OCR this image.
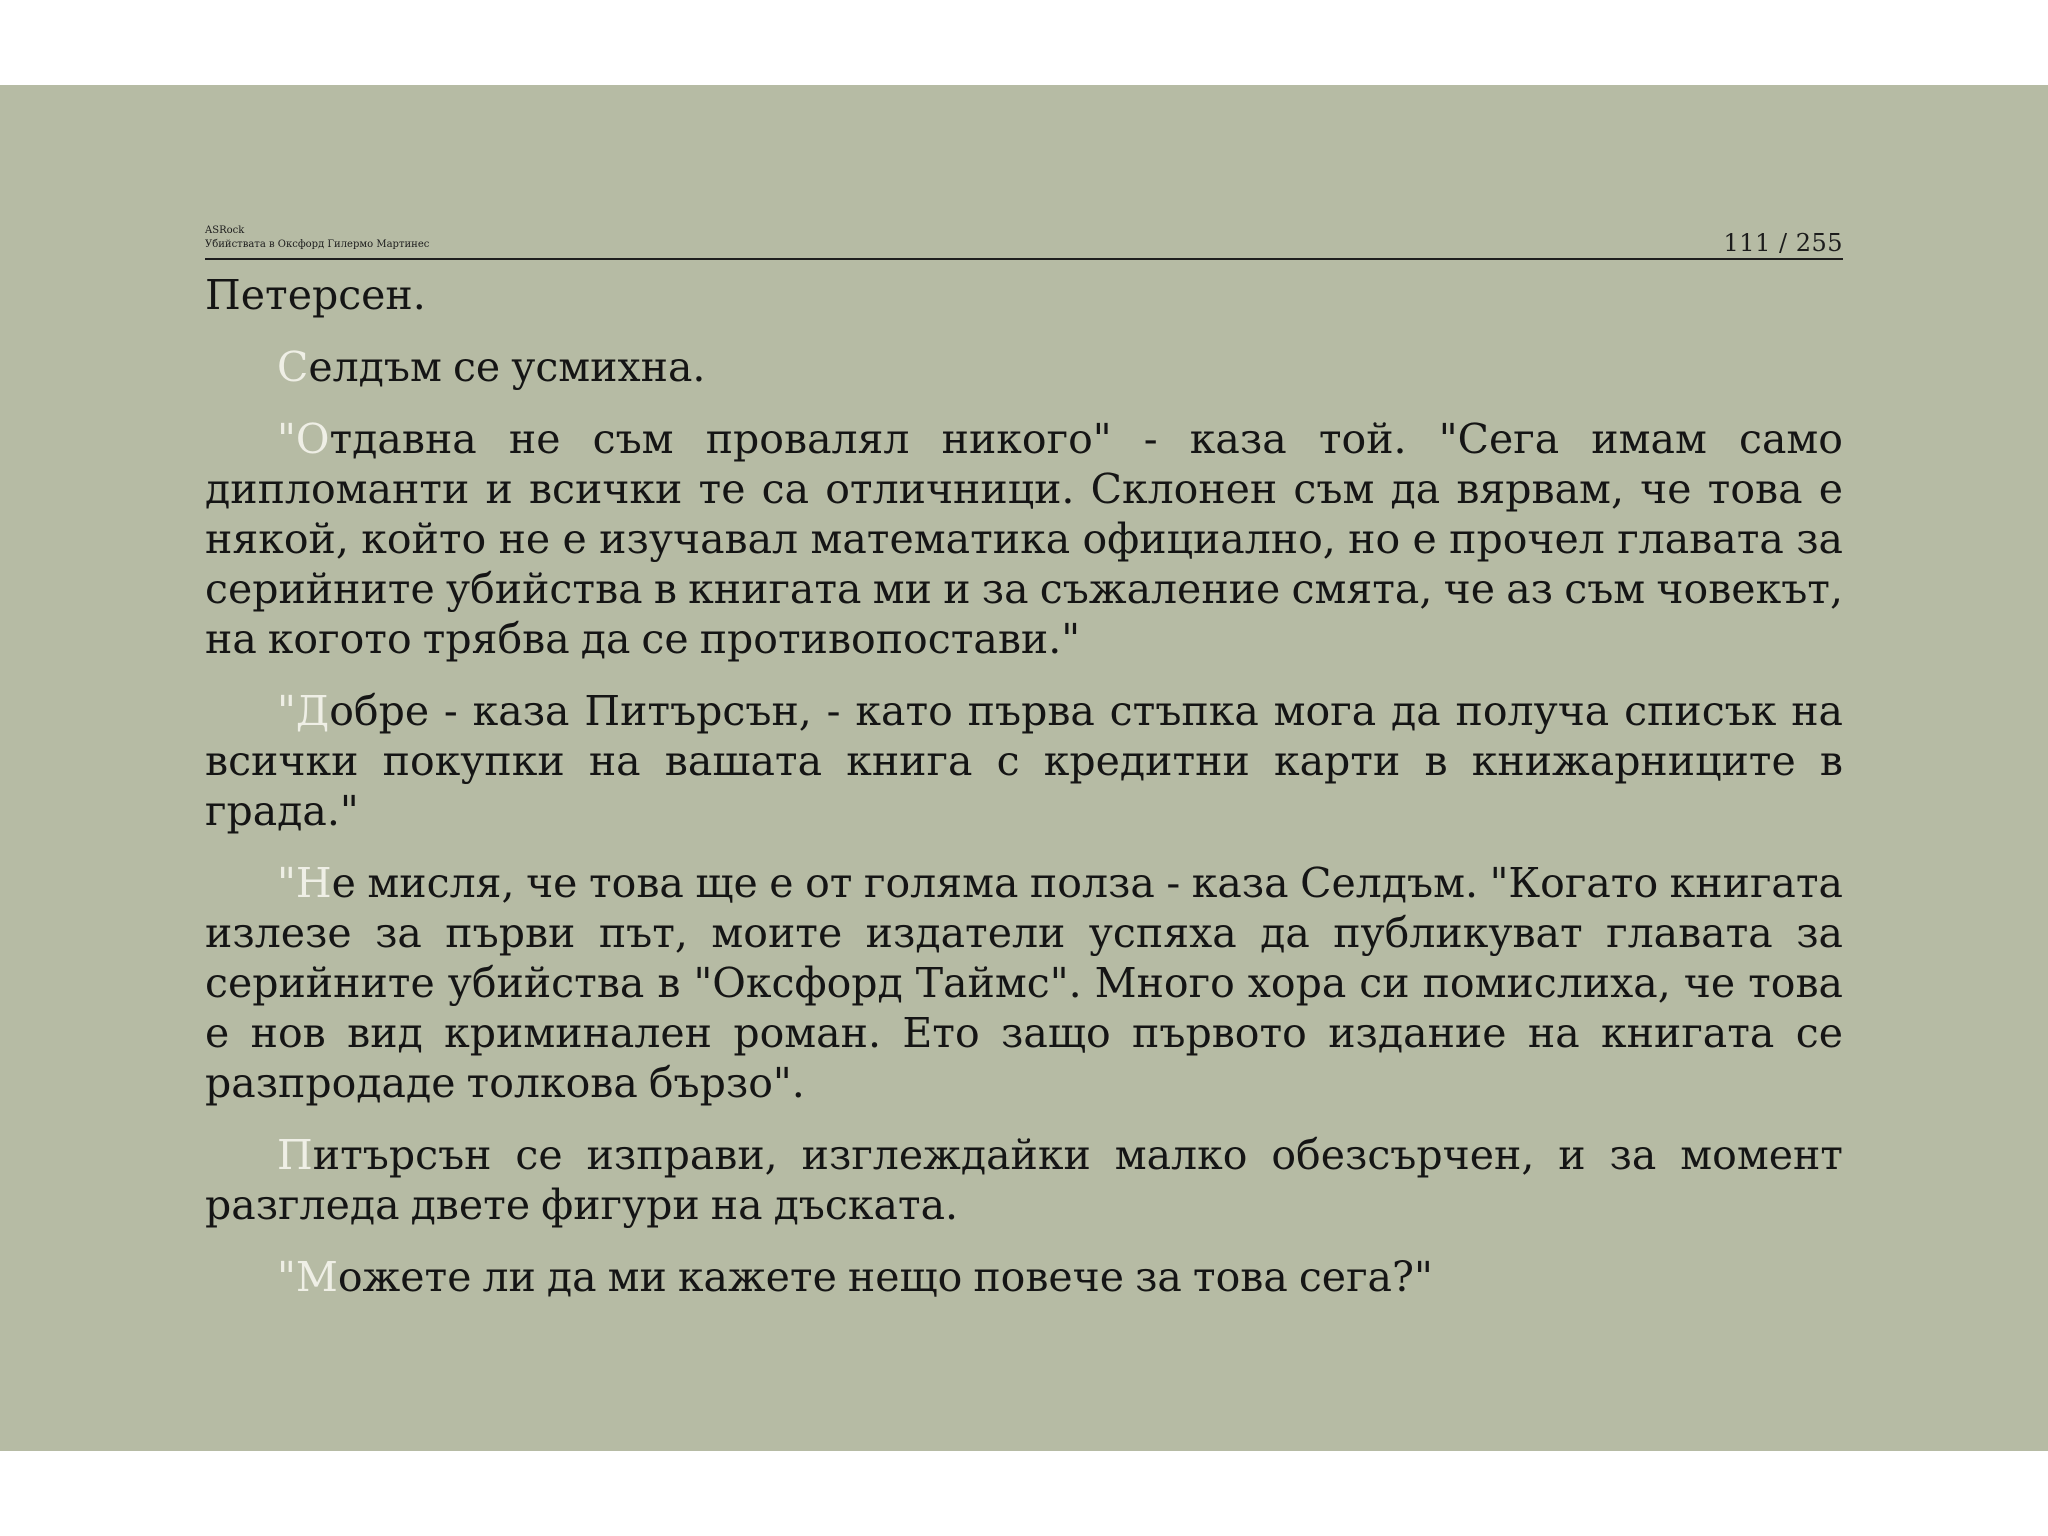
ASRock
Убийствата в Оксфорд Гилермо Мартинес	111 / 255

Петерсен.

Селдъм се усмихна.

"Отдавна не съм провалял никого" - каза той. "Сега имам само дипломанти и всички те са отличници. Склонен съм да вярвам, че това е някой, който не е изучавал математика официално, но е прочел главата за серийните убийства в книгата ми и за съжаление смята, че аз съм човекът, на когото трябва да се противопостави."

"Добре - каза Питърсън, - като първа стъпка мога да получа списък на всички покупки на вашата книга с кредитни карти в книжарниците в града."

"Не мисля, че това ще е от голяма полза - каза Селдъм. "Когато книгата излезе за първи път, моите издатели успяха да публикуват главата за серийните убийства в "Оксфорд Таймс". Много хора си помислиха, че това е нов вид криминален роман. Ето защо първото издание на книгата се разпродаде толкова бързо".

Питърсън се изправи, изглеждайки малко обезсърчен, и за момент разгледа двете фигури на дъската.

"Можете ли да ми кажете нещо повече за това сега?"
